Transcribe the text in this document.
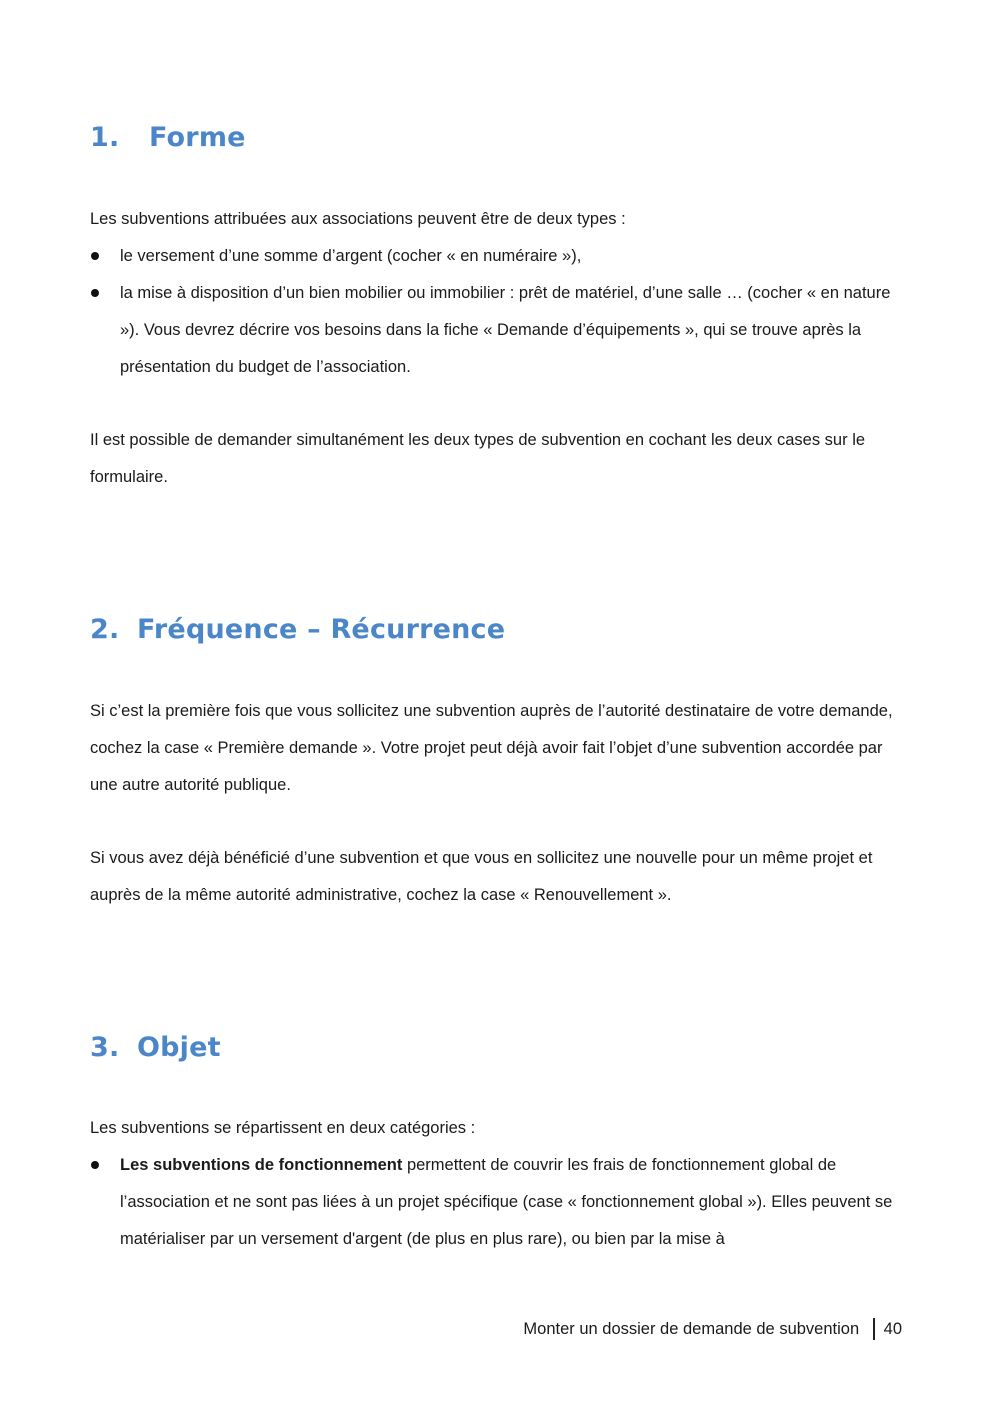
1.	Forme

Les subventions attribuées aux associations peuvent être de deux types :

le versement d’une somme d’argent (cocher « en numéraire »),
la mise à disposition d’un bien mobilier ou immobilier : prêt de matériel, d’une salle … (cocher « en nature »). Vous devrez décrire vos besoins dans la fiche « Demande d’équipements », qui se trouve après la présentation du budget de l’association.

Il est possible de demander simultanément les deux types de subvention en cochant les deux cases sur le formulaire.

2. Fréquence – Récurrence

Si c’est la première fois que vous sollicitez une subvention auprès de l’autorité destinataire de votre demande, cochez la case « Première demande ». Votre projet peut déjà avoir fait l’objet d’une subvention accordée par une autre autorité publique.

Si vous avez déjà bénéficié d’une subvention et que vous en sollicitez une nouvelle pour un même projet et auprès de la même autorité administrative, cochez la case « Renouvellement ».

3. Objet

Les subventions se répartissent en deux catégories :

Les subventions de fonctionnement permettent de couvrir les frais de fonctionnement global de l’association et ne sont pas liées à un projet spécifique (case « fonctionnement global »). Elles peuvent se matérialiser par un versement d'argent (de plus en plus rare), ou bien par la mise à
Monter un dossier de demande de subvention 40
